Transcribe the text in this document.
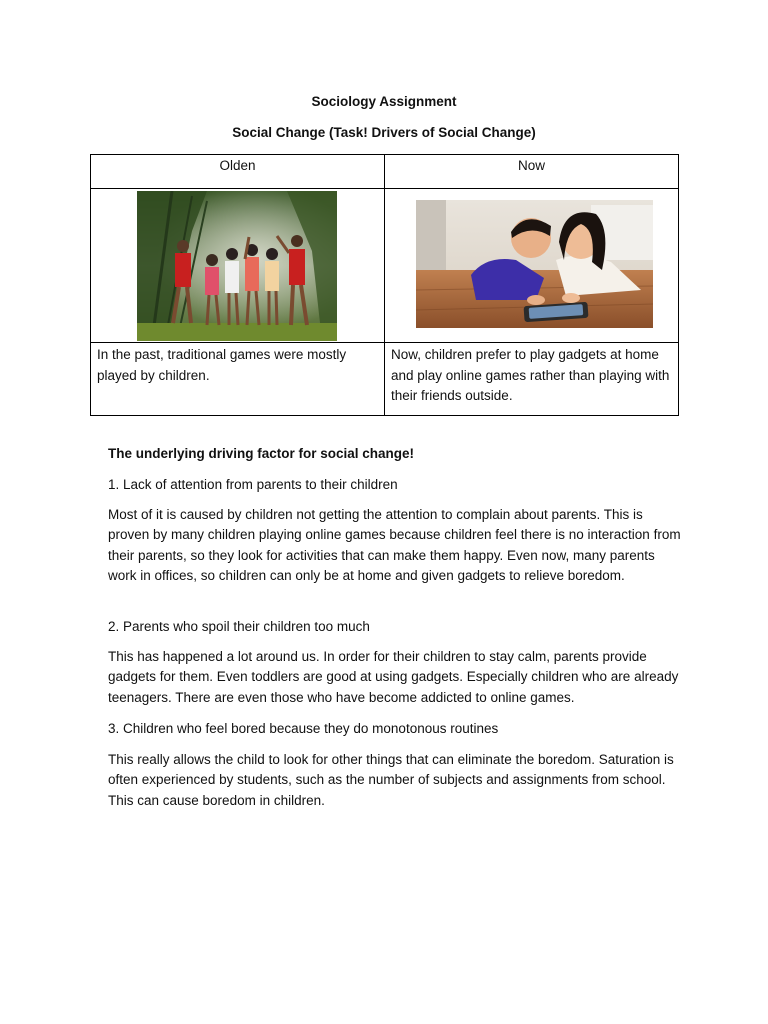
Sociology Assignment
Social Change (Task! Drivers of Social Change)
Olden	Now

In the past, traditional games were mostly played by children.	Now, children prefer to play gadgets at home and play online games rather than playing with their friends outside.

The underlying driving factor for social change!

1. Lack of attention from parents to their children

Most of it is caused by children not getting the attention to complain about parents. This is proven by many children playing online games because children feel there is no interaction from their parents, so they look for activities that can make them happy. Even now, many parents work in offices, so children can only be at home and given gadgets to relieve boredom.

2. Parents who spoil their children too much

This has happened a lot around us. In order for their children to stay calm, parents provide gadgets for them. Even toddlers are good at using gadgets. Especially children who are already teenagers. There are even those who have become addicted to online games.

3. Children who feel bored because they do monotonous routines

This really allows the child to look for other things that can eliminate the boredom. Saturation is often experienced by students, such as the number of subjects and assignments from school. This can cause boredom in children.
